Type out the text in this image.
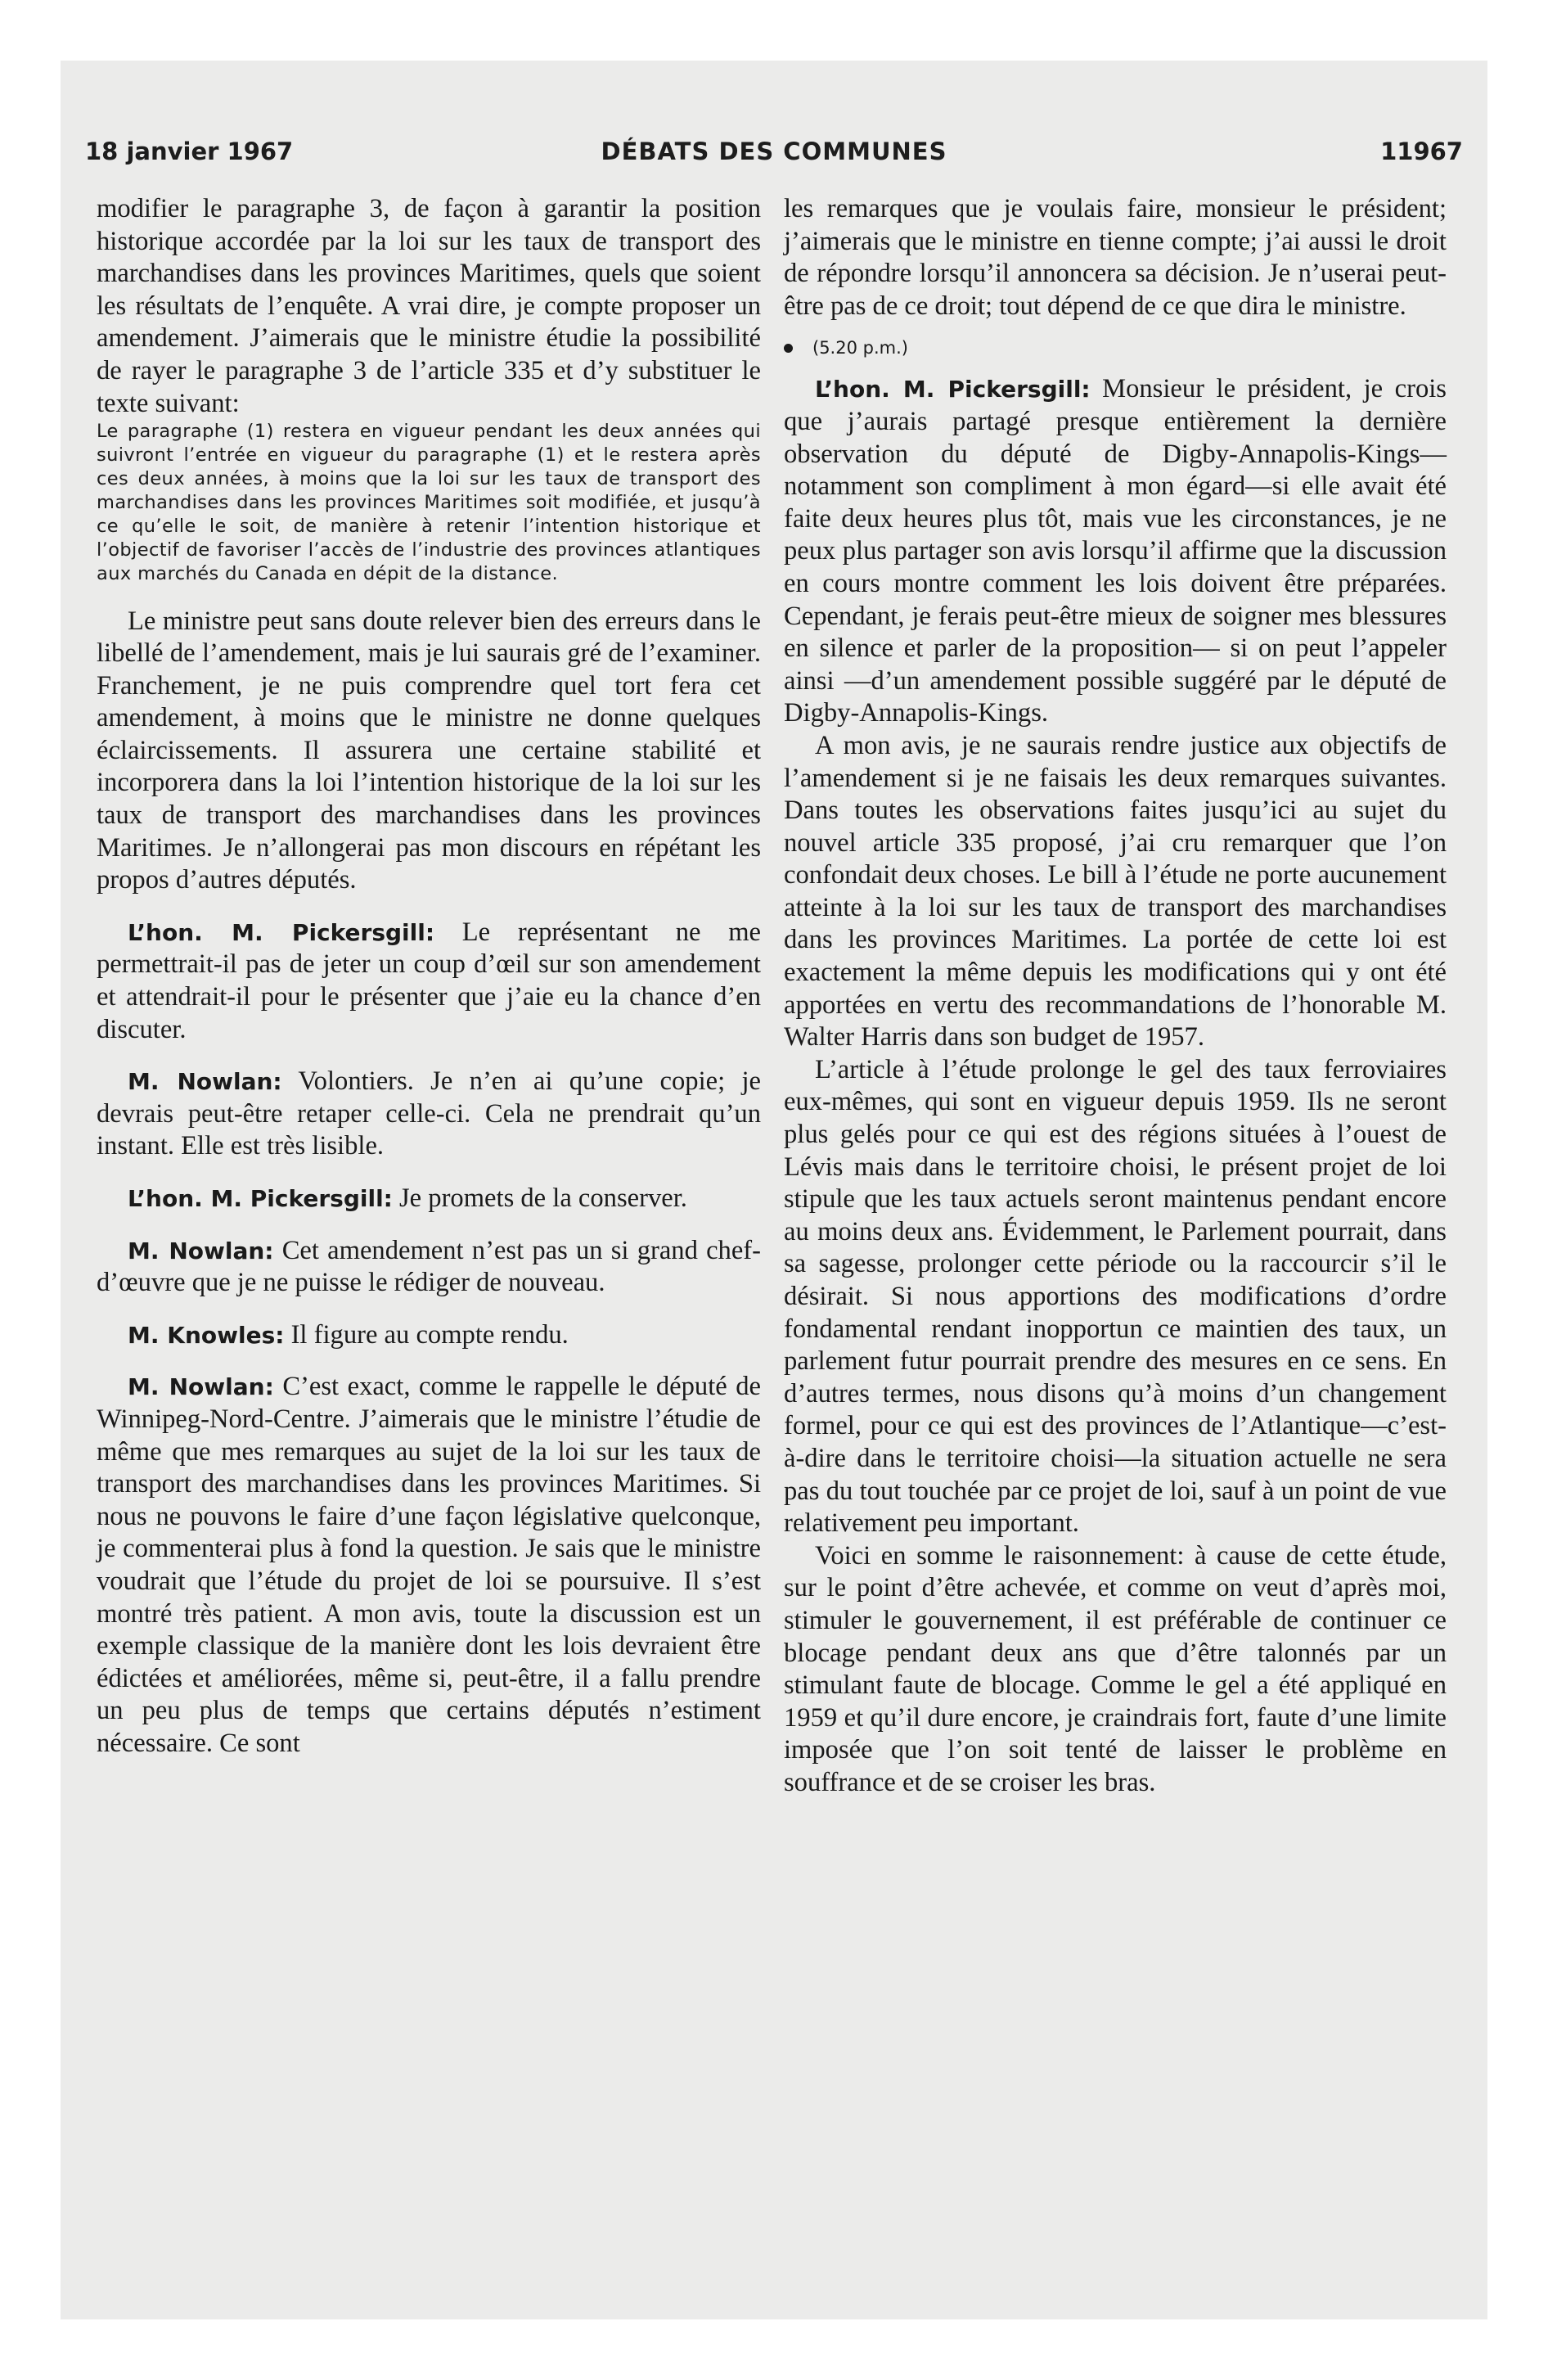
18 janvier 1967	DÉBATS DES COMMUNES	11967

modifier le paragraphe 3, de façon à garantir la position historique accordée par la loi sur les taux de transport des marchandises dans les provinces Maritimes, quels que soient les résultats de l’enquête. A vrai dire, je compte proposer un amendement. J’aimerais que le ministre étudie la possibilité de rayer le paragraphe 3 de l’article 335 et d’y substituer le texte suivant:

Le paragraphe (1) restera en vigueur pendant les deux années qui suivront l’entrée en vigueur du paragraphe (1) et le restera après ces deux années, à moins que la loi sur les taux de transport des marchandises dans les provinces Maritimes soit modifiée, et jusqu’à ce qu’elle le soit, de manière à retenir l’intention historique et l’objectif de favoriser l’accès de l’industrie des provinces atlantiques aux marchés du Canada en dépit de la distance.

Le ministre peut sans doute relever bien des erreurs dans le libellé de l’amendement, mais je lui saurais gré de l’examiner. Franchement, je ne puis comprendre quel tort fera cet amendement, à moins que le ministre ne donne quelques éclaircissements. Il assurera une certaine stabilité et incorporera dans la loi l’intention historique de la loi sur les taux de transport des marchandises dans les provinces Maritimes. Je n’allongerai pas mon discours en répétant les propos d’autres députés.

L’hon. M. Pickersgill: Le représentant ne me permettrait-il pas de jeter un coup d’œil sur son amendement et attendrait-il pour le présenter que j’aie eu la chance d’en discuter.

M. Nowlan: Volontiers. Je n’en ai qu’une copie; je devrais peut-être retaper celle-ci. Cela ne prendrait qu’un instant. Elle est très lisible.

L’hon. M. Pickersgill: Je promets de la conserver.

M. Nowlan: Cet amendement n’est pas un si grand chef-d’œuvre que je ne puisse le rédiger de nouveau.

M. Knowles: Il figure au compte rendu.

M. Nowlan: C’est exact, comme le rappelle le député de Winnipeg-Nord-Centre. J’aimerais que le ministre l’étudie de même que mes remarques au sujet de la loi sur les taux de transport des marchandises dans les provinces Maritimes. Si nous ne pouvons le faire d’une façon législative quelconque, je commenterai plus à fond la question. Je sais que le ministre voudrait que l’étude du projet de loi se poursuive. Il s’est montré très patient. A mon avis, toute la discussion est un exemple classique de la manière dont les lois devraient être édictées et améliorées, même si, peut-être, il a fallu prendre un peu plus de temps que certains députés n’estiment nécessaire. Ce sont

les remarques que je voulais faire, monsieur le président; j’aimerais que le ministre en tienne compte; j’ai aussi le droit de répondre lorsqu’il annoncera sa décision. Je n’userai peut-être pas de ce droit; tout dépend de ce que dira le ministre.

(5.20 p.m.)

L’hon. M. Pickersgill: Monsieur le président, je crois que j’aurais partagé presque entièrement la dernière observation du député de Digby-Annapolis-Kings—notamment son compliment à mon égard—si elle avait été faite deux heures plus tôt, mais vue les circonstances, je ne peux plus partager son avis lorsqu’il affirme que la discussion en cours montre comment les lois doivent être préparées. Cependant, je ferais peut-être mieux de soigner mes blessures en silence et parler de la proposition— si on peut l’appeler ainsi —d’un amendement possible suggéré par le député de Digby-Annapolis-Kings.

A mon avis, je ne saurais rendre justice aux objectifs de l’amendement si je ne faisais les deux remarques suivantes. Dans toutes les observations faites jusqu’ici au sujet du nouvel article 335 proposé, j’ai cru remarquer que l’on confondait deux choses. Le bill à l’étude ne porte aucunement atteinte à la loi sur les taux de transport des marchandises dans les provinces Maritimes. La portée de cette loi est exactement la même depuis les modifications qui y ont été apportées en vertu des recommandations de l’honorable M. Walter Harris dans son budget de 1957.

L’article à l’étude prolonge le gel des taux ferroviaires eux-mêmes, qui sont en vigueur depuis 1959. Ils ne seront plus gelés pour ce qui est des régions situées à l’ouest de Lévis mais dans le territoire choisi, le présent projet de loi stipule que les taux actuels seront maintenus pendant encore au moins deux ans. Évidemment, le Parlement pourrait, dans sa sagesse, prolonger cette période ou la raccourcir s’il le désirait. Si nous apportions des modifications d’ordre fondamental rendant inopportun ce maintien des taux, un parlement futur pourrait prendre des mesures en ce sens. En d’autres termes, nous disons qu’à moins d’un changement formel, pour ce qui est des provinces de l’Atlantique—c’est-à-dire dans le territoire choisi—la situation actuelle ne sera pas du tout touchée par ce projet de loi, sauf à un point de vue relativement peu important.

Voici en somme le raisonnement: à cause de cette étude, sur le point d’être achevée, et comme on veut d’après moi, stimuler le gouvernement, il est préférable de continuer ce blocage pendant deux ans que d’être talonnés par un stimulant faute de blocage. Comme le gel a été appliqué en 1959 et qu’il dure encore, je craindrais fort, faute d’une limite imposée que l’on soit tenté de laisser le problème en souffrance et de se croiser les bras.
